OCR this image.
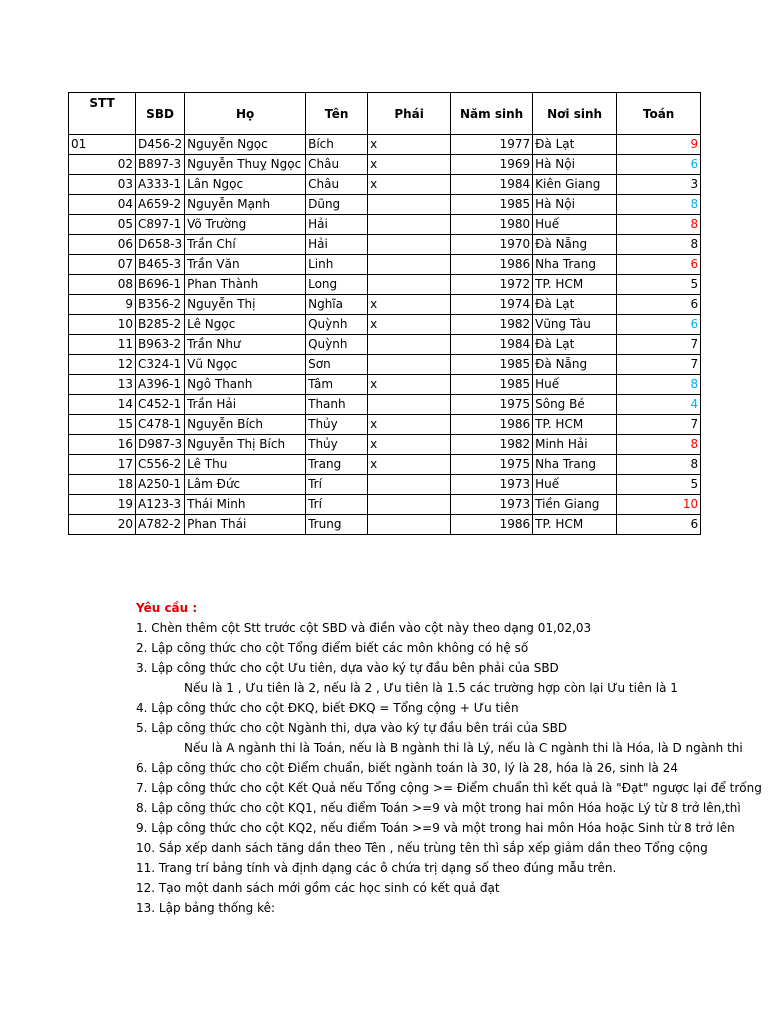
STT	SBD	Họ	Tên	Phái	Năm sinh	Nơi sinh	Toán
01	D456-2	Nguyễn Ngọc	Bích	x	1977	Đà Lạt	9
02	B897-3	Nguyễn Thuỵ Ngọc	Châu	x	1969	Hà Nội	6
03	A333-1	Lân Ngọc	Châu	x	1984	Kiên Giang	3
04	A659-2	Nguyễn Mạnh	Dũng		1985	Hà Nội	8
05	C897-1	Võ Trường	Hải		1980	Huế	8
06	D658-3	Trần Chí	Hải		1970	Đà Nẵng	8
07	B465-3	Trần Văn	Linh		1986	Nha Trang	6
08	B696-1	Phan Thành	Long		1972	TP. HCM	5
9	B356-2	Nguyễn Thị	Nghĩa	x	1974	Đà Lạt	6
10	B285-2	Lê Ngọc	Quỳnh	x	1982	Vũng Tàu	6
11	B963-2	Trần Như	Quỳnh		1984	Đà Lạt	7
12	C324-1	Vũ Ngọc	Sơn		1985	Đà Nẵng	7
13	A396-1	Ngô Thanh	Tâm	x	1985	Huế	8
14	C452-1	Trần Hải	Thanh		1975	Sông Bé	4
15	C478-1	Nguyễn Bích	Thủy	x	1986	TP. HCM	7
16	D987-3	Nguyễn Thị Bích	Thủy	x	1982	Minh Hải	8
17	C556-2	Lê Thu	Trang	x	1975	Nha Trang	8
18	A250-1	Lâm Đức	Trí		1973	Huế	5
19	A123-3	Thái Minh	Trí		1973	Tiền Giang	10
20	A782-2	Phan Thái	Trung		1986	TP. HCM	6
Yêu cầu :
1. Chèn thêm cột Stt trước cột SBD và điền vào cột này theo dạng 01,02,03
2. Lập công thức cho cột Tổng điểm biết các môn không có hệ số
3. Lập công thức cho cột Ưu tiên, dựa vào ký tự đầu bên phải của SBD
Nếu là 1 , Ưu tiên là 2, nếu là 2 , Ưu tiên là 1.5 các trường hợp còn lại Ưu tiên là 1
4. Lập công thức cho cột ĐKQ, biết ĐKQ = Tổng cộng + Ưu tiên
5. Lập công thức cho cột Ngành thi, dựa vào ký tự đầu bên trái của SBD
Nếu là A ngành thi là Toán, nếu là B ngành thi là Lý, nếu là C ngành thi là Hóa, là D ngành thi
6. Lập công thức cho cột Điểm chuẩn, biết ngành toán là 30, lý là 28, hóa là 26, sinh là 24
7. Lập công thức cho cột Kết Quả nếu Tổng cộng >= Điểm chuẩn thì kết quả là "Đạt" ngược lại để trống
8. Lập công thức cho cột KQ1, nếu điểm Toán >=9 và một trong hai môn Hóa hoặc Lý từ 8 trở lên,thì
9. Lập công thức cho cột KQ2, nếu điểm Toán >=9 và một trong hai môn Hóa hoặc Sinh từ 8 trở lên
10. Sắp xếp danh sách tăng dần theo Tên , nếu trùng tên thì sắp xếp giảm dần theo Tổng cộng
11. Trang trí bảng tính và định dạng các ô chứa trị dạng số theo đúng mẫu trên.
12. Tạo một danh sách mới gồm các học sinh có kết quả đạt
13. Lập bảng thống kê:
